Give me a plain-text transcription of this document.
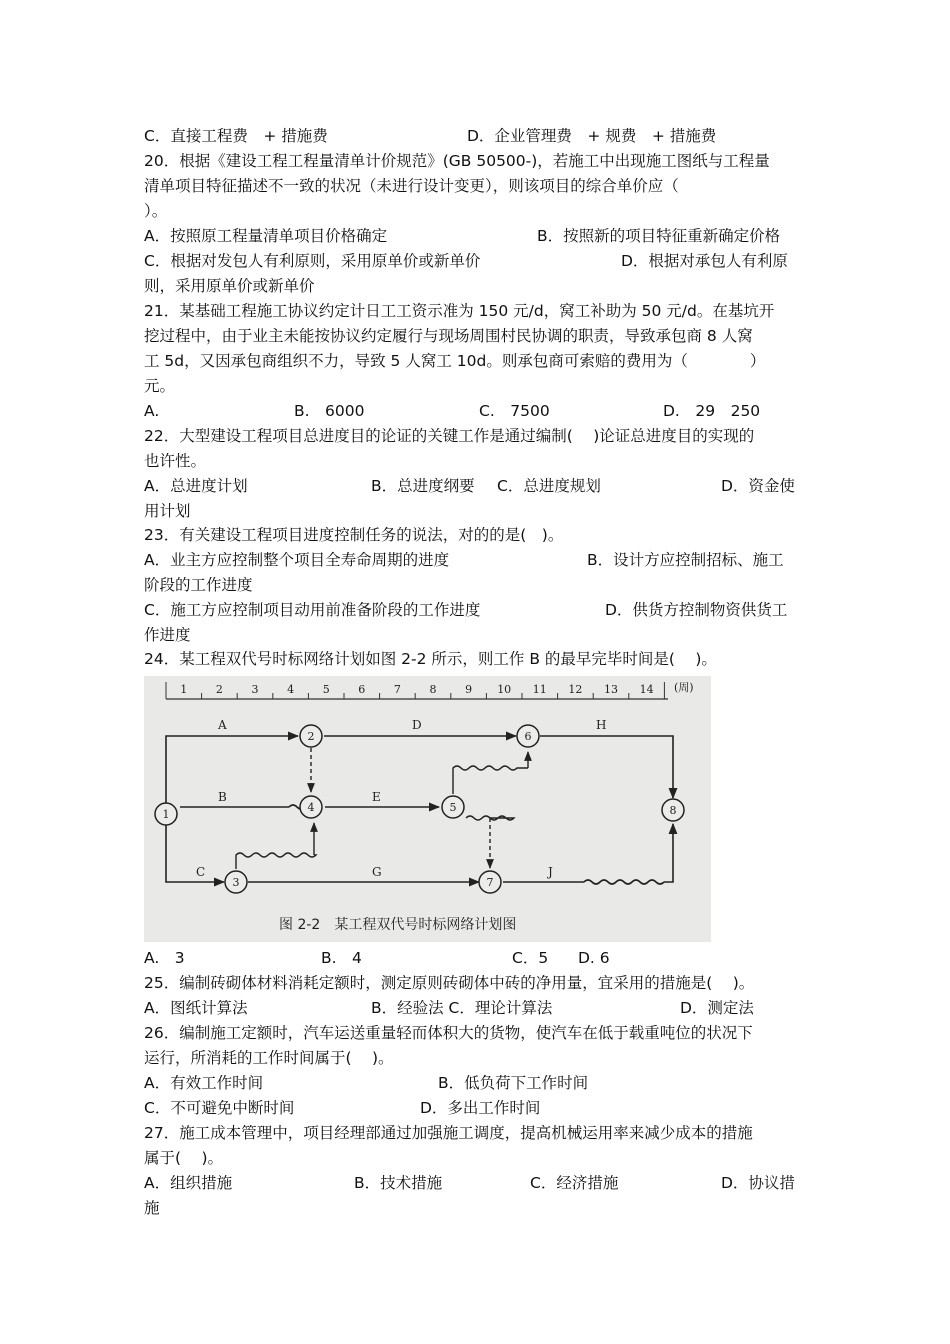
C．直接工程费　+ 措施费	D．企业管理费　+ 规费　+ 措施费
20．根据《建设工程工程量清单计价规范》(GB 50500-)，若施工中出现施工图纸与工程量
清单项目特征描述不一致的状况（未进行设计变更），则该项目的综合单价应（
）。
A．按照原工程量清单项目价格确定	B．按照新的项目特征重新确定价格
C．根据对发包人有利原则，采用原单价或新单价	D．根据对承包人有利原
则，采用原单价或新单价
21．某基础工程施工协议约定计日工工资示准为 150 元/d，窝工补助为 50 元/d。在基坑开
挖过程中，由于业主未能按协议约定履行与现场周围村民协调的职责，导致承包商 8 人窝
工 5d，又因承包商组织不力，导致 5 人窝工 10d。则承包商可索赔的费用为（　　　　）
元。
A.	B.　6000	C.　7500	D.　29　250
22．大型建设工程项目总进度目的论证的关键工作是通过编制(　 )论证总进度目的实现的
也许性。
A．总进度计划	B．总进度纲要 C．总进度规划	D．资金使
用计划
23．有关建设工程项目进度控制任务的说法，对的的是(　)。
A．业主方应控制整个项目全寿命周期的进度	B．设计方应控制招标、施工
阶段的工作进度
C．施工方应控制项目动用前准备阶段的工作进度	D．供货方控制物资供货工
作进度
24．某工程双代号时标网络计划如图 2-2 所示，则工作 B 的最早完毕时间是(　 )。
1	2	3	4	5	6	7	8	9 10 11 12 13 14 (周)
1
2
3
4	5
6
7
8
A
B
C
D
E
G
H
J
图 2-2　某工程双代号时标网络计划图
A.　3	B.　4	C．5 D. 6
25．编制砖砌体材料消耗定额时，测定原则砖砌体中砖的净用量，宜采用的措施是(　 )。
A．图纸计算法	B．经验法 C．理论计算法	D．测定法
26．编制施工定额时，汽车运送重量轻而体积大的货物，使汽车在低于载重吨位的状况下
运行，所消耗的工作时间属于(　 )。
A．有效工作时间	B．低负荷下工作时间
C．不可避免中断时间	D．多出工作时间
27．施工成本管理中，项目经理部通过加强施工调度，提高机械运用率来减少成本的措施
属于(　 )。
A．组织措施	B．技术措施	C．经济措施	D．协议措
施
